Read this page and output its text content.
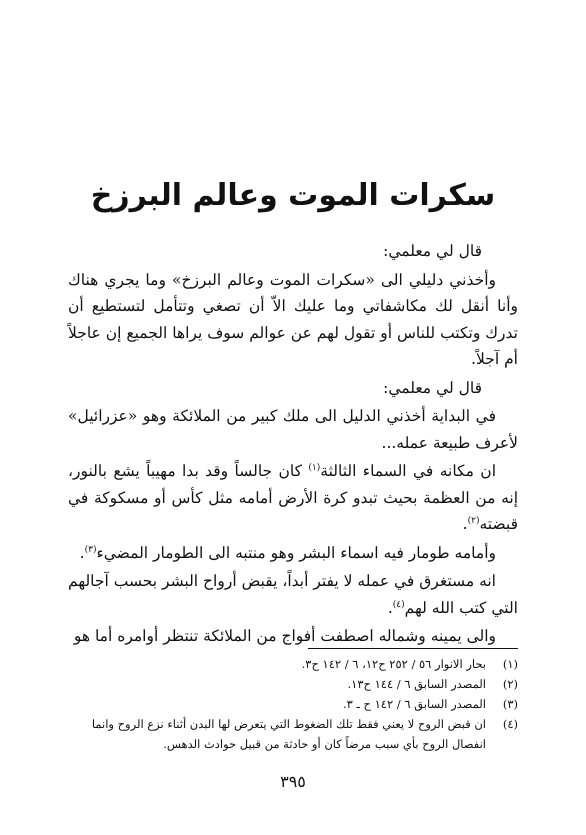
سكرات الموت وعالم البرزخ

قال لي معلمي:

وأخذني دليلي الى «سكرات الموت وعالم البرزخ» وما يجري هناك وأنا أنقل لك مكاشفاتي وما عليك الاّ أن تصغي وتتأمل لتستطيع أن تدرك وتكتب للناس أو تقول لهم عن عوالم سوف يراها الجميع إن عاجلاً أم آجلاً.

قال لي معلمي:

في البداية أخذني الدليل الى ملك كبير من الملائكة وهو «عزرائيل» لأعرف طبيعة عمله...

ان مكانه في السماء الثالثة$^{(١)}$ كان جالساً وقد بدا مهيباً يشع بالنور، إنه من العظمة بحيث تبدو كرة الأرض أمامه مثل كأس أو مسكوكة في قبضته$^{(٢)}$.

وأمامه طومار فيه اسماء البشر وهو منتبه الى الطومار المضيء$^{(٣)}$.

انه مستغرق في عمله لا يفتر أبداً، يقبض أرواح البشر بحسب آجالهم التي كتب الله لهم$^{(٤)}$.

والى يمينه وشماله اصطفت أفواج من الملائكة تنتظر أوامره أما هو

(١)
بحار الانوار ٥٦ / ٢٥٢ ح١٢، ٦ / ١٤٢ ح٣.
(٢)
المصدر السابق ٦ / ١٤٤ ح١٣.
(٣)
المصدر السابق ٦ / ١٤٢ ح ـ ٣.
(٤)
ان قبض الروح لا يعني فقط تلك الضغوط التي يتعرض لها البدن أثناء نزع الروح وانما انفصال الروح بأي سبب مرضاً كان أو حادثة من قبيل حوادث الدهس.
٣٩٥
